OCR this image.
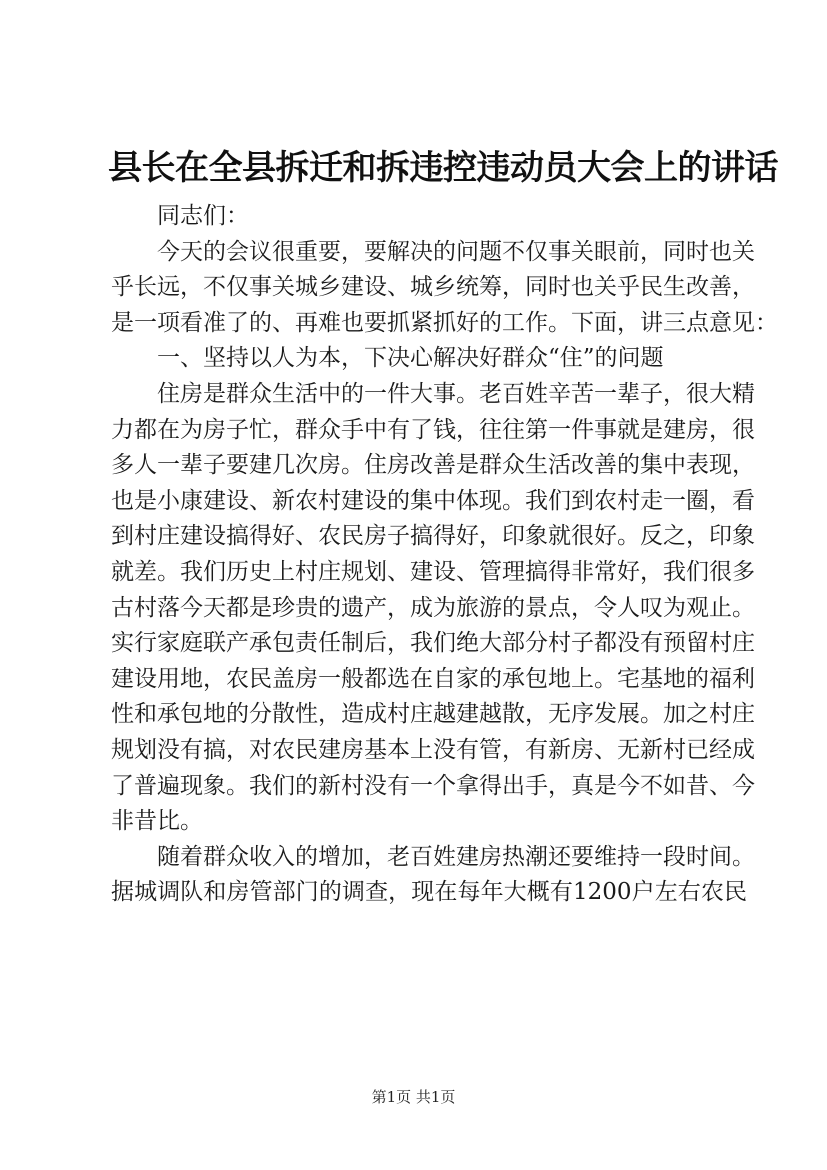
县长在全县拆迁和拆违控违动员大会上的讲话
同志们：
今天的会议很重要，要解决的问题不仅事关眼前，同时也关
乎长远，不仅事关城乡建设、城乡统筹，同时也关乎民生改善，
是一项看准了的、再难也要抓紧抓好的工作。下面，讲三点意见：
一、坚持以人为本，下决心解决好群众“住”的问题
住房是群众生活中的一件大事。老百姓辛苦一辈子，很大精
力都在为房子忙，群众手中有了钱，往往第一件事就是建房，很
多人一辈子要建几次房。住房改善是群众生活改善的集中表现，
也是小康建设、新农村建设的集中体现。我们到农村走一圈，看
到村庄建设搞得好、农民房子搞得好，印象就很好。反之，印象
就差。我们历史上村庄规划、建设、管理搞得非常好，我们很多
古村落今天都是珍贵的遗产，成为旅游的景点，令人叹为观止。
实行家庭联产承包责任制后，我们绝大部分村子都没有预留村庄
建设用地，农民盖房一般都选在自家的承包地上。宅基地的福利
性和承包地的分散性，造成村庄越建越散，无序发展。加之村庄
规划没有搞，对农民建房基本上没有管，有新房、无新村已经成
了普遍现象。我们的新村没有一个拿得出手，真是今不如昔、今
非昔比。
随着群众收入的增加，老百姓建房热潮还要维持一段时间。
据城调队和房管部门的调查，现在每年大概有1200户左右农民
第1页 共1页
